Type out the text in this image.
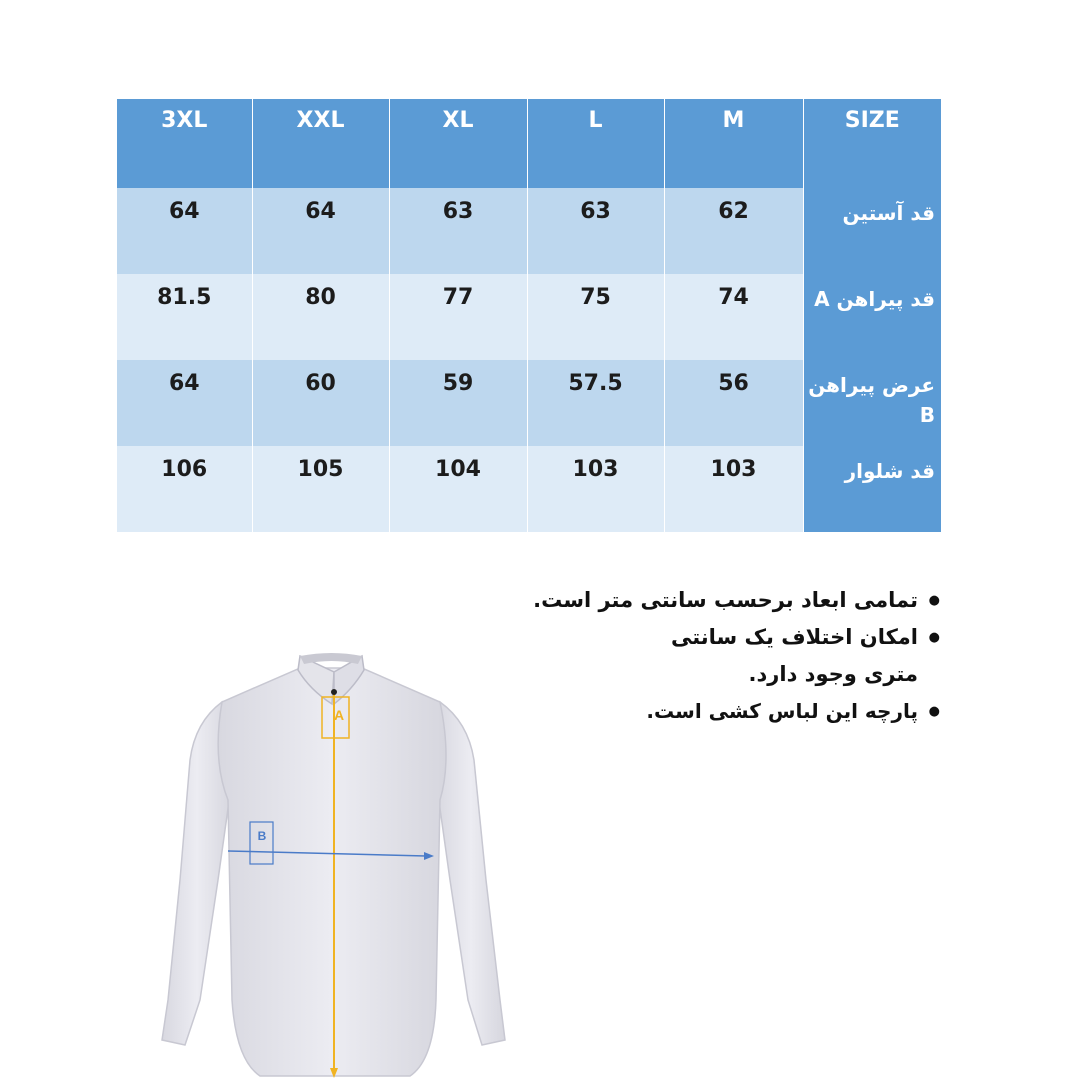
3XL	XXL	XL	L	M	SIZE
64	64	63	63	62	قد آستین
81.5	80	77	75	74	قد پیراهن A
64	60	59	57.5	56	عرض پیراهن B
106	105	104	103	103	قد شلوار
● تمامی ابعاد برحسب سانتی متر است.
● امکان اختلاف یک سانتی متری وجود دارد.
● پارچه این لباس کشی است.
A
B
